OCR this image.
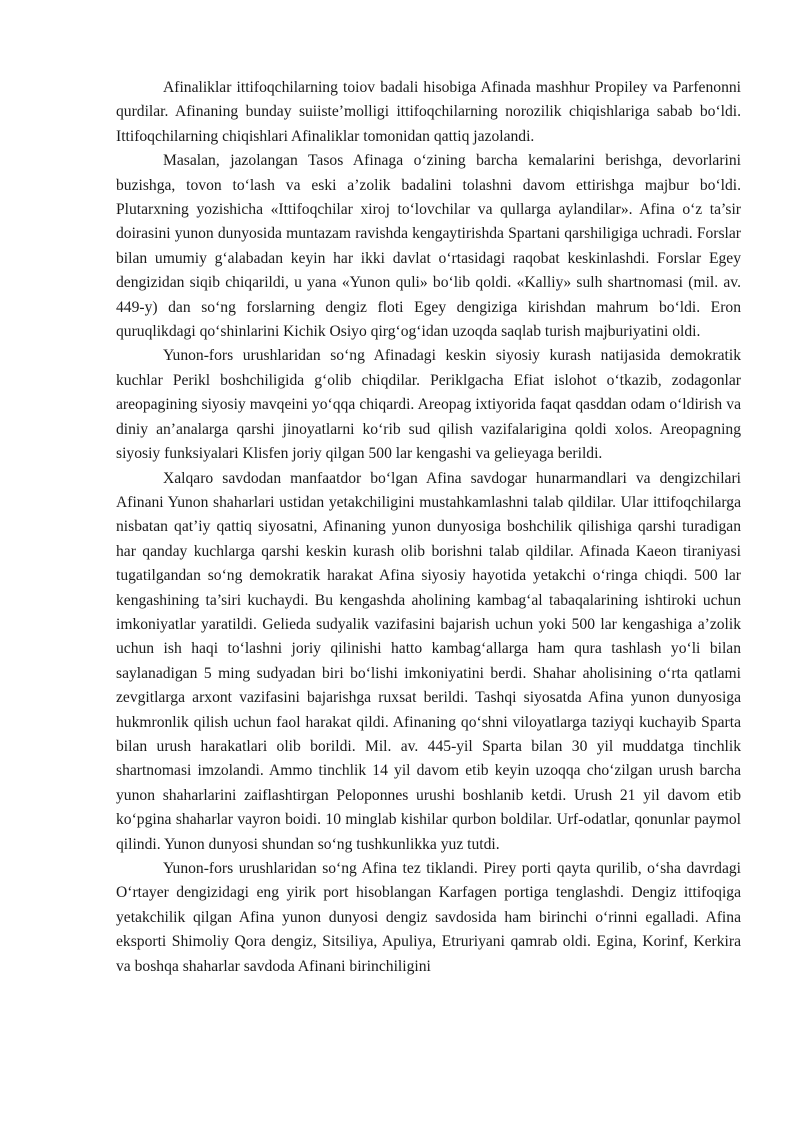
Afinaliklar ittifoqchilarning toiov badali hisobiga Afinada mashhur Propiley va Parfenonni qurdilar. Afinaning bunday suiiste’molligi ittifoqchilarning norozilik chiqishlariga sabab bo‘ldi. Ittifoqchilarning chiqishlari Afinaliklar tomonidan qattiq jazolandi.

Masalan, jazolangan Tasos Afinaga o‘zining barcha kemalarini berishga, devorlarini buzishga, tovon to‘lash va eski a’zolik badalini tolashni davom ettirishga majbur bo‘ldi. Plutarxning yozishicha «Ittifoqchilar xiroj to‘lovchilar va qullarga aylandilar». Afina o‘z ta’sir doirasini yunon dunyosida muntazam ravishda kengaytirishda Spartani qarshiligiga uchradi. Forslar bilan umumiy g‘alabadan keyin har ikki davlat o‘rtasidagi raqobat keskinlashdi. Forslar Egey dengizidan siqib chiqarildi, u yana «Yunon quli» bo‘lib qoldi. «Kalliy» sulh shartnomasi (mil. av. 449-y) dan so‘ng forslarning dengiz floti Egey dengiziga kirishdan mahrum bo‘ldi. Eron quruqlikdagi qo‘shinlarini Kichik Osiyo qirg‘og‘idan uzoqda saqlab turish majburiyatini oldi.

Yunon-fors urushlaridan so‘ng Afinadagi keskin siyosiy kurash natijasida demokratik kuchlar Perikl boshchiligida g‘olib chiqdilar. Periklgacha Efiat islohot o‘tkazib, zodagonlar areopagining siyosiy mavqeini yo‘qqa chiqardi. Areopag ixtiyorida faqat qasddan odam o‘ldirish va diniy an’analarga qarshi jinoyatlarni ko‘rib sud qilish vazifalarigina qoldi xolos. Areopagning siyosiy funksiyalari Klisfen joriy qilgan 500 lar kengashi va gelieyaga berildi.

Xalqaro savdodan manfaatdor bo‘lgan Afina savdogar hunarmandlari va dengizchilari Afinani Yunon shaharlari ustidan yetakchiligini mustahkamlashni talab qildilar. Ular ittifoqchilarga nisbatan qat’iy qattiq siyosatni, Afinaning yunon dunyosiga boshchilik qilishiga qarshi turadigan har qanday kuchlarga qarshi keskin kurash olib borishni talab qildilar. Afinada Kaeon tiraniyasi tugatilgandan so‘ng demokratik harakat Afina siyosiy hayotida yetakchi o‘ringa chiqdi. 500 lar kengashining ta’siri kuchaydi. Bu kengashda aholining kambag‘al tabaqalarining ishtiroki uchun imkoniyatlar yaratildi. Gelieda sudyalik vazifasini bajarish uchun yoki 500 lar kengashiga a’zolik uchun ish haqi to‘lashni joriy qilinishi hatto kambag‘allarga ham qura tashlash yo‘li bilan saylanadigan 5 ming sudyadan biri bo‘lishi imkoniyatini berdi. Shahar aholisining o‘rta qatlami zevgitlarga arxont vazifasini bajarishga ruxsat berildi. Tashqi siyosatda Afina yunon dunyosiga hukmronlik qilish uchun faol harakat qildi. Afinaning qo‘shni viloyatlarga taziyqi kuchayib Sparta bilan urush harakatlari olib borildi. Mil. av. 445-yil Sparta bilan 30 yil muddatga tinchlik shartnomasi imzolandi. Ammo tinchlik 14 yil davom etib keyin uzoqqa cho‘zilgan urush barcha yunon shaharlarini zaiflashtirgan Peloponnes urushi boshlanib ketdi. Urush 21 yil davom etib ko‘pgina shaharlar vayron boidi. 10 minglab kishilar qurbon boldilar. Urf-odatlar, qonunlar paymol qilindi. Yunon dunyosi shundan so‘ng tushkunlikka yuz tutdi.

Yunon-fors urushlaridan so‘ng Afina tez tiklandi. Pirey porti qayta qurilib, o‘sha davrdagi O‘rtayer dengizidagi eng yirik port hisoblangan Karfagen portiga tenglashdi. Dengiz ittifoqiga yetakchilik qilgan Afina yunon dunyosi dengiz savdosida ham birinchi o‘rinni egalladi. Afina eksporti Shimoliy Qora dengiz, Sitsiliya, Apuliya, Etruriyani qamrab oldi. Egina, Korinf, Kerkira va boshqa shaharlar savdoda Afinani birinchiligini
